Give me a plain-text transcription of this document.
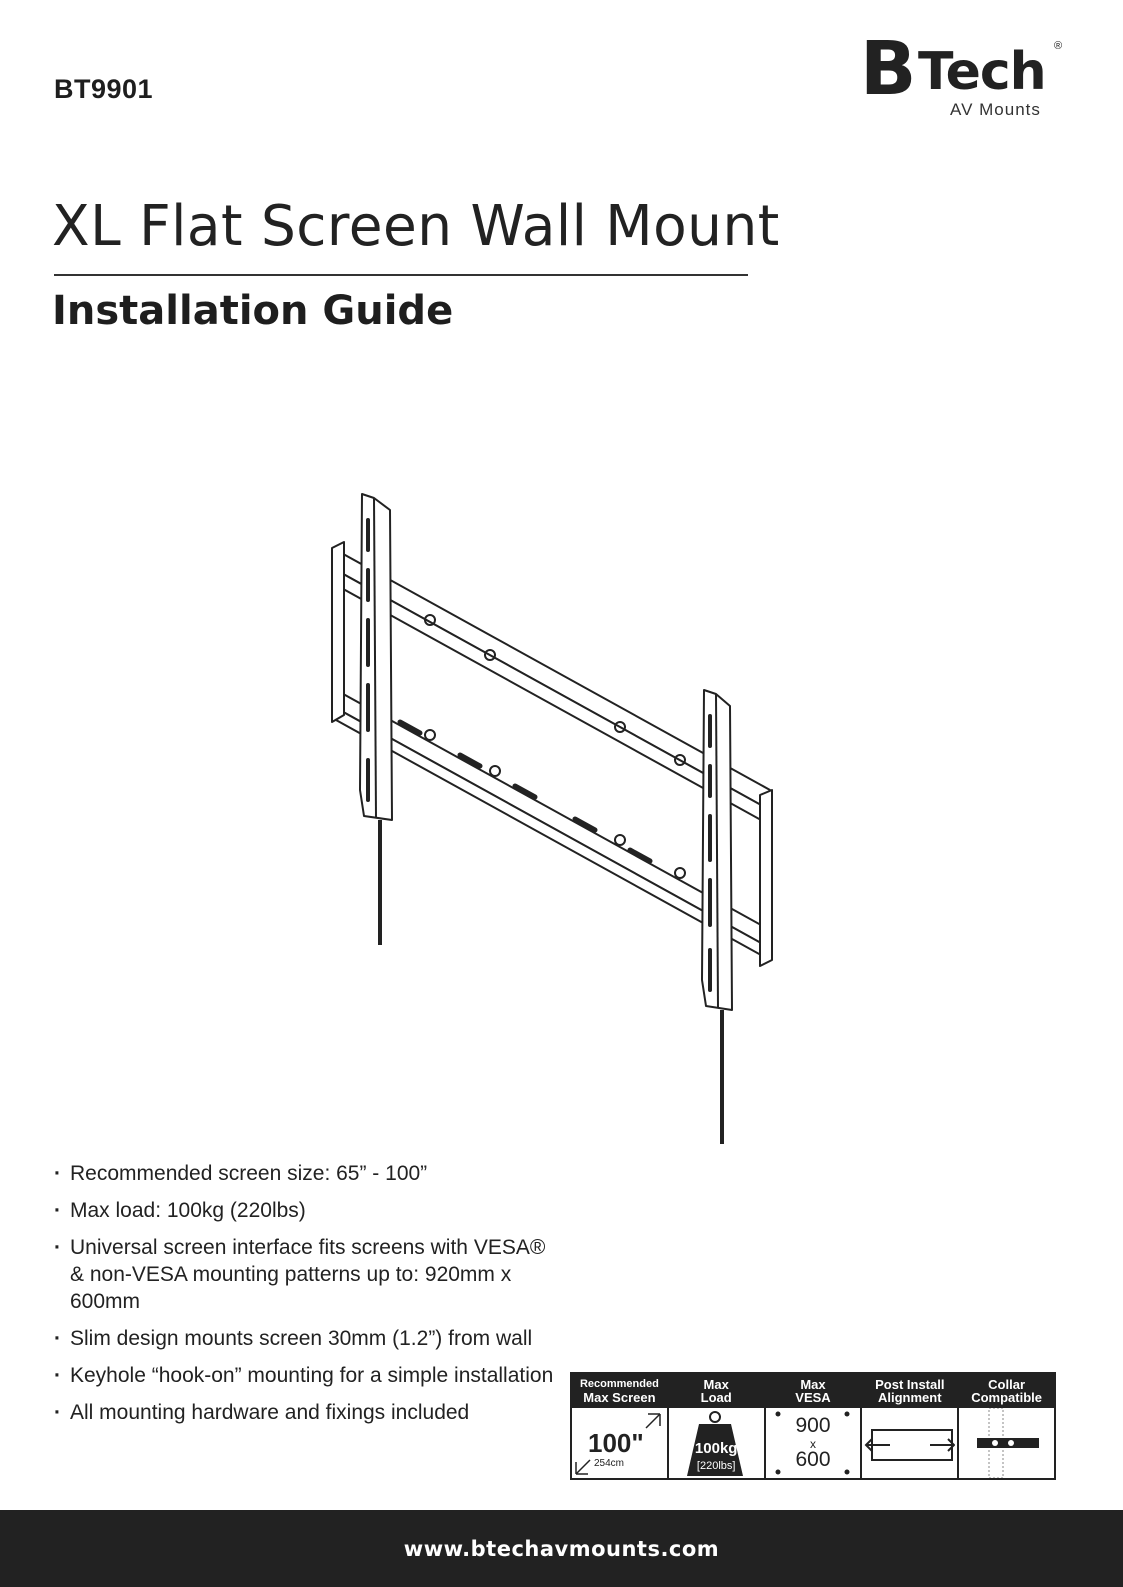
BT9901	B Tech ®
AV Mounts
XL Flat Screen Wall Mount
Installation Guide
· Recommended screen size: 65” - 100”
· Max load: 100kg (220lbs)
· Universal screen interface fits screens with VESA® & non-VESA mounting patterns up to: 920mm x 600mm
· Slim design mounts screen 30mm (1.2”) from wall
· Keyhole “hook-on” mounting for a simple installation
· All mounting hardware and fixings included
Recommended
Max Screen
100"
254cm
Max
Load
100kg
[220lbs]
Max
VESA
900
x
600
Post Install
Alignment
Collar
Compatible
www.btechavmounts.com
